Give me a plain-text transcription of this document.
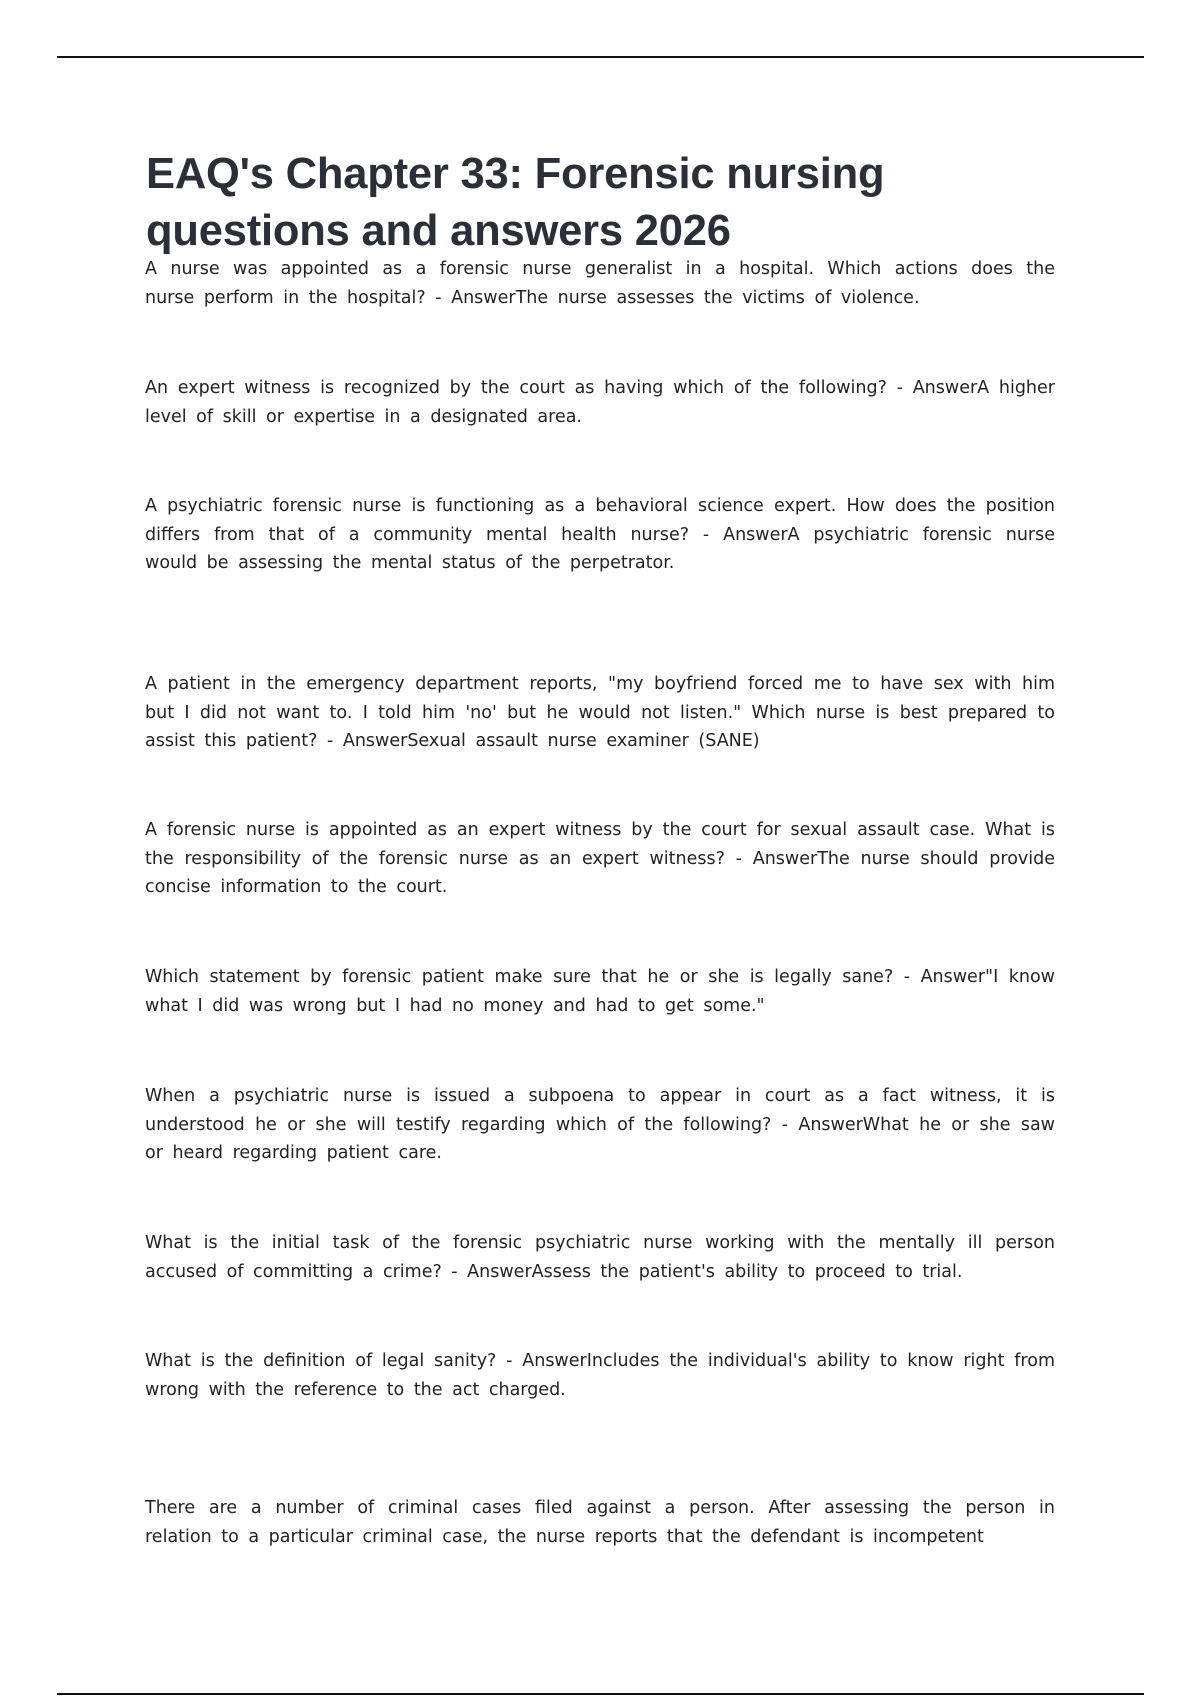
EAQ's Chapter 33: Forensic nursing questions and answers 2026

A nurse was appointed as a forensic nurse generalist in a hospital. Which actions does the nurse perform in the hospital? - AnswerThe nurse assesses the victims of violence.

An expert witness is recognized by the court as having which of the following? - AnswerA higher level of skill or expertise in a designated area.

A psychiatric forensic nurse is functioning as a behavioral science expert. How does the position differs from that of a community mental health nurse? - AnswerA psychiatric forensic nurse would be assessing the mental status of the perpetrator.

A patient in the emergency department reports, "my boyfriend forced me to have sex with him but I did not want to. I told him 'no' but he would not listen." Which nurse is best prepared to assist this patient? - AnswerSexual assault nurse examiner (SANE)

A forensic nurse is appointed as an expert witness by the court for sexual assault case. What is the responsibility of the forensic nurse as an expert witness? - AnswerThe nurse should provide concise information to the court.

Which statement by forensic patient make sure that he or she is legally sane? - Answer"I know what I did was wrong but I had no money and had to get some."

When a psychiatric nurse is issued a subpoena to appear in court as a fact witness, it is understood he or she will testify regarding which of the following? - AnswerWhat he or she saw or heard regarding patient care.

What is the initial task of the forensic psychiatric nurse working with the mentally ill person accused of committing a crime? - AnswerAssess the patient's ability to proceed to trial.

What is the definition of legal sanity? - AnswerIncludes the individual's ability to know right from wrong with the reference to the act charged.

There are a number of criminal cases filed against a person. After assessing the person in relation to a particular criminal case, the nurse reports that the defendant is incompetent
